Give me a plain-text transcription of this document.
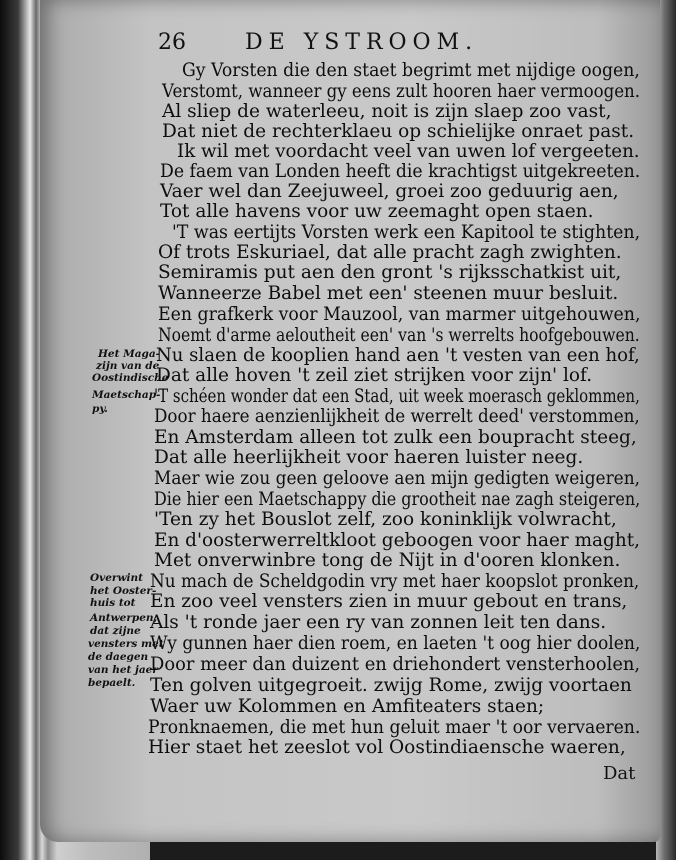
26	DE YSTROOM.
Gy Vorsten die den staet begrimt met nijdige oogen,
Verstomt, wanneer gy eens zult hooren haer vermoogen.
Al sliep de waterleeu, noit is zijn slaep zoo vast,
Dat niet de rechterklaeu op schielijke onraet past.
Ik wil met voordacht veel van uwen lof vergeeten.
De faem van Londen heeft die krachtigst uitgekreeten.
Vaer wel dan Zeejuweel, groei zoo geduurig aen,
Tot alle havens voor uw zeemaght open staen.
'T was eertijts Vorsten werk een Kapitool te stighten,
Of trots Eskuriael, dat alle pracht zagh zwighten.
Semiramis put aen den gront 's rijksschatkist uit,
Wanneerze Babel met een' steenen muur besluit.
Een grafkerk voor Mauzool, van marmer uitgehouwen,
Noemt d'arme aeloutheit een' van 's werrelts hoofgebouwen.
Nu slaen de kooplien hand aen 't vesten van een hof,
Dat alle hoven 't zeil ziet strijken voor zijn' lof.
'T schéen wonder dat een Stad, uit week moerasch geklommen,
Door haere aenzienlijkheit de werrelt deed' verstommen,
En Amsterdam alleen tot zulk een boupracht steeg,
Dat alle heerlijkheit voor haeren luister neeg.
Maer wie zou geen geloove aen mijn gedigten weigeren,
Die hier een Maetschappy die grootheit nae zagh steigeren,
'Ten zy het Bouslot zelf, zoo koninklijk volwracht,
En d'oosterwerreltkloot geboogen voor haer maght,
Met onverwinbre tong de Nijt in d'ooren klonken.
Nu mach de Scheldgodin vry met haer koopslot pronken,
En zoo veel vensters zien in muur gebout en trans,
Als 't ronde jaer een ry van zonnen leit ten dans.
Wy gunnen haer dien roem, en laeten 't oog hier doolen,
Door meer dan duizent en driehondert vensterhoolen,
Ten golven uitgegroeit. zwijg Rome, zwijg voortaen
Waer uw Kolommen en Amfiteaters staen;
Pronknaemen, die met hun geluit maer 't oor vervaeren.
Hier staet het zeeslot vol Oostindiaensche waeren,
Het Maga-
zijn van de
Oostindische
Maetschap-
py.
Overwint
het Ooster-
huis tot
Antwerpen,
dat zijne
vensters met
de daegen
van het jaer
bepaelt.
Dat
